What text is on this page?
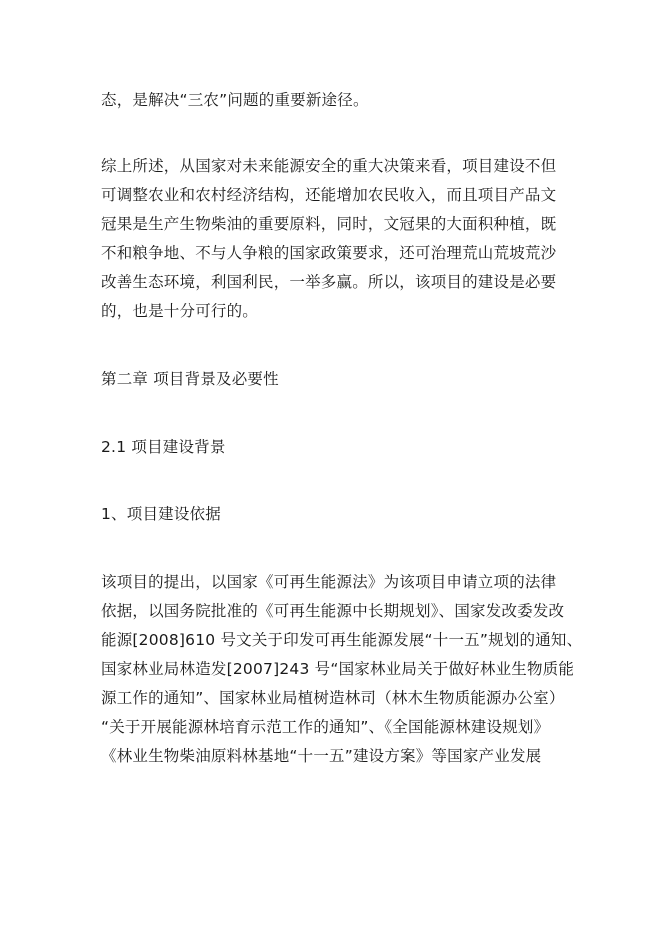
态，是解决“三农”问题的重要新途径。

综上所述，从国家对未来能源安全的重大决策来看，项目建设不但
可调整农业和农村经济结构，还能增加农民收入，而且项目产品文
冠果是生产生物柴油的重要原料，同时，文冠果的大面积种植，既
不和粮争地、不与人争粮的国家政策要求，还可治理荒山荒坡荒沙
改善生态环境，利国利民，一举多赢。所以，该项目的建设是必要
的，也是十分可行的。

第二章 项目背景及必要性
2.1 项目建设背景
1、项目建设依据

该项目的提出，以国家《可再生能源法》为该项目申请立项的法律
依据，以国务院批准的《可再生能源中长期规划》、国家发改委发改
能源[2008]610 号文关于印发可再生能源发展“十一五”规划的通知、
国家林业局林造发[2007]243 号“国家林业局关于做好林业生物质能
源工作的通知”、国家林业局植树造林司（林木生物质能源办公室）
“关于开展能源林培育示范工作的通知”、《全国能源林建设规划》
《林业生物柴油原料林基地“十一五”建设方案》等国家产业发展
